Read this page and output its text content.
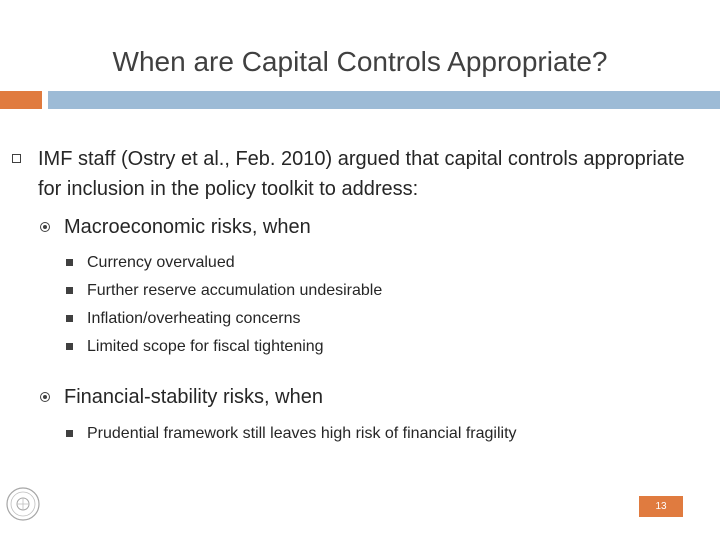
When are Capital Controls Appropriate?
IMF staff (Ostry et al., Feb. 2010) argued that capital controls appropriate for inclusion in the policy toolkit to address:
Macroeconomic risks, when
Currency overvalued
Further reserve accumulation undesirable
Inflation/overheating concerns
Limited scope for fiscal tightening
Financial-stability risks, when
Prudential framework still leaves high risk of financial fragility
13
